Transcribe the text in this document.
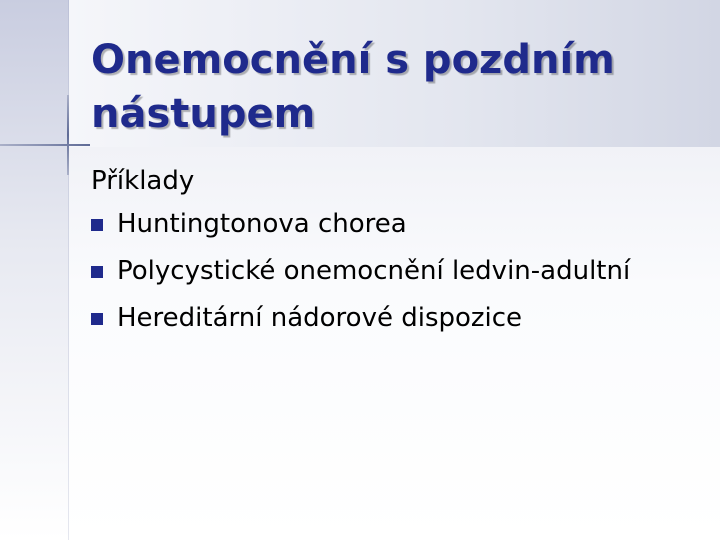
Onemocnění s pozdním
nástupem
Příklady
Huntingtonova chorea
Polycystické onemocnění ledvin-adultní
Hereditární nádorové dispozice
